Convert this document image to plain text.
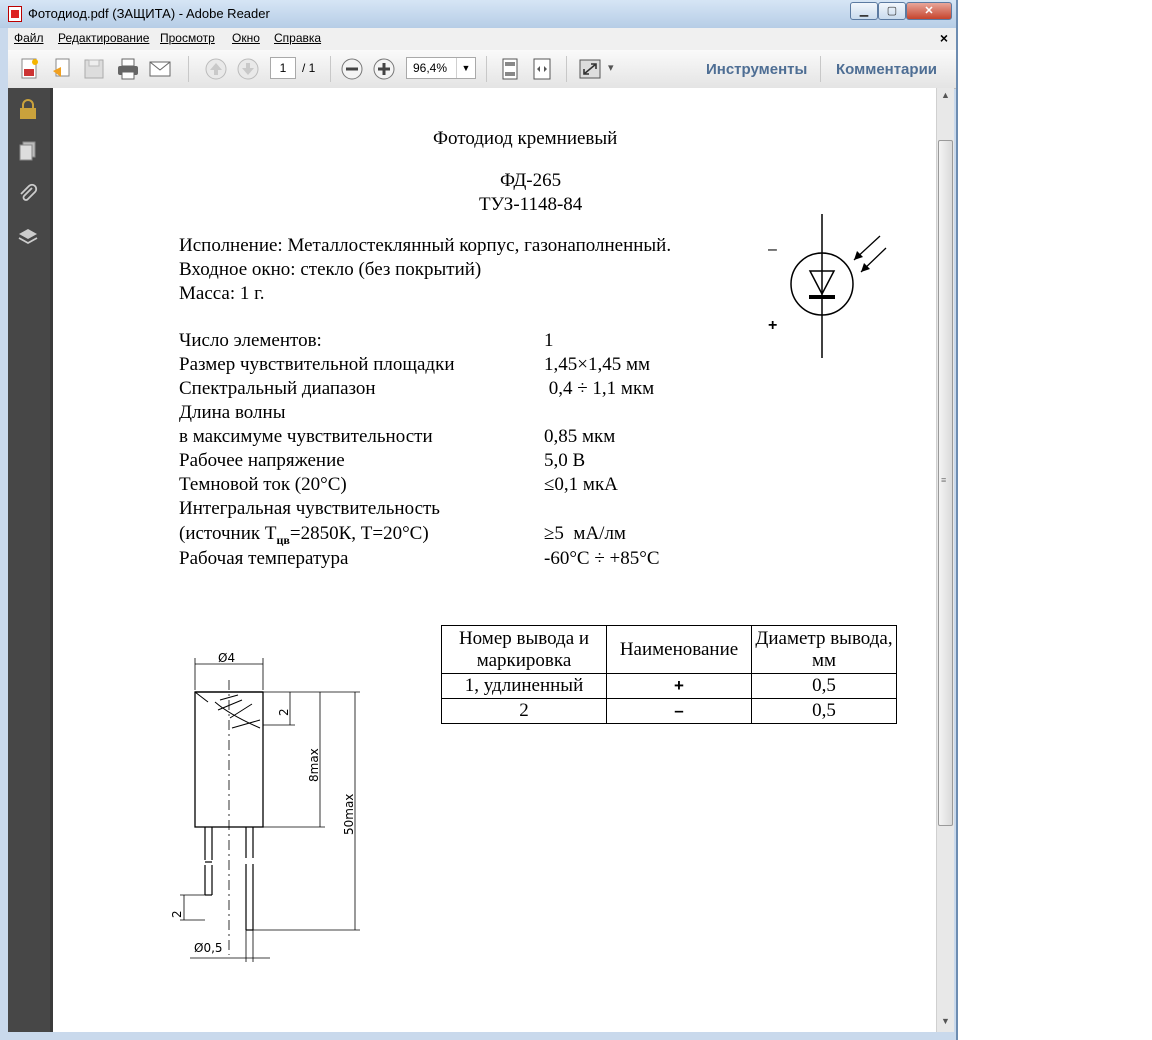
Фотодиод.pdf (ЗАЩИТА) - Adobe Reader	▁	▢	✕
Файл Редактирование Просмотр Окно Справка	×
1	/ 1	96,4%	▼	▾	Инструменты Комментарии
▲
≡
▼
Фотодиод кремниевый
ФД-265
ТУЗ-1148-84
Исполнение: Металлостеклянный корпус, газонаполненный.
Входное окно: стекло (без покрытий)
Масса: 1 г.
Число элементов:	1
Размер чувствительной площадки	1,45×1,45 мм
Спектральный диапазон	0,4 ÷ 1,1 мкм
Длина волны
в максимуме чувствительности	0,85 мкм
Рабочее напряжение	5,0 В
Темновой ток (20°С)	≤0,1 мкА
Интегральная чувствительность
(источник $Т_{цв}=2850К$, Т=20°С)	≥5  мА/лм
Рабочая температура	-60°С ÷ +85°С
–
+
Номер вывода и маркировка	Наименование	Диаметр вывода, мм
1, удлиненный	+	0,5
2	–	0,5
Ø4
2
8max
50max
2
Ø0,5
